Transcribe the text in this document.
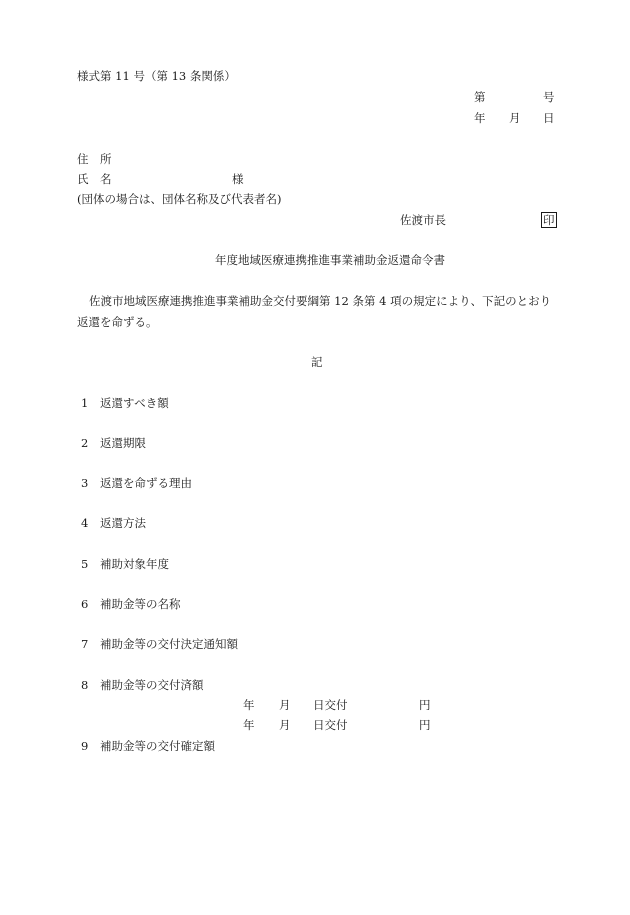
様式第 11 号（第 13 条関係）
第	号
年 月 日
住　所
氏　名	様
(団体の場合は、団体名称及び代表者名)
佐渡市長	印
年度地域医療連携推進事業補助金返還命令書
佐渡市地域医療連携推進事業補助金交付要綱第 12 条第 4 項の規定により、下記のとおり
返還を命ずる。
記
1 返還すべき額
2 返還期限
3 返還を命ずる理由
4 返還方法
5 補助対象年度
6 補助金等の名称
7 補助金等の交付決定通知額
8 補助金等の交付済額
年 月 日交付	円
年 月 日交付	円
9 補助金等の交付確定額
